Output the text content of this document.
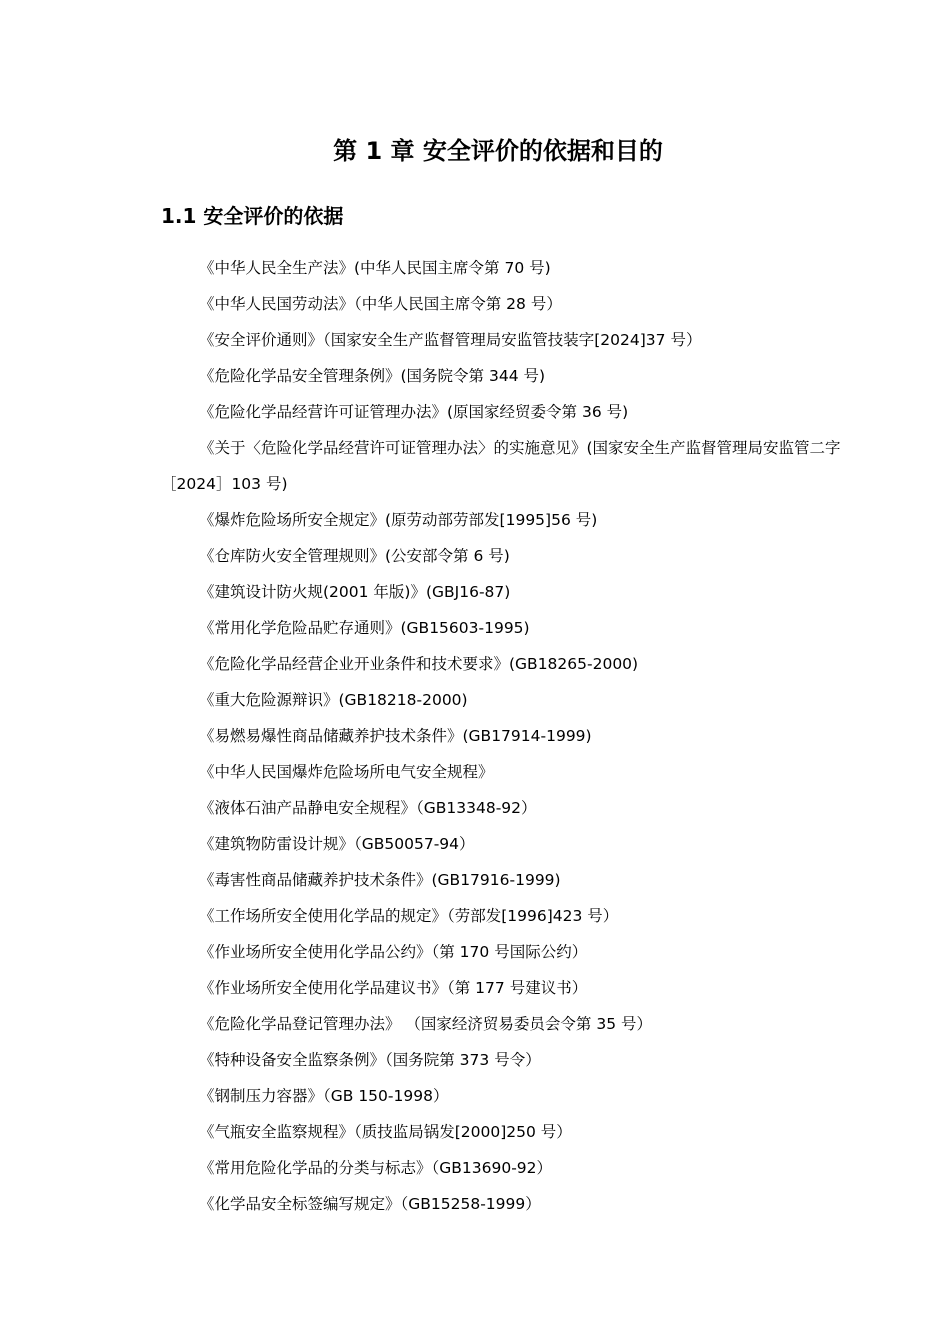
第 1 章 安全评价的依据和目的
1.1 安全评价的依据
《中华人民全生产法》(中华人民国主席令第 70 号)
《中华人民国劳动法》（中华人民国主席令第 28 号）
《安全评价通则》（国家安全生产监督管理局安监管技装字[2024]37 号）
《危险化学品安全管理条例》(国务院令第 344 号)
《危险化学品经营许可证管理办法》(原国家经贸委令第 36 号)
《关于〈危险化学品经营许可证管理办法〉的实施意见》(国家安全生产监督管理局安监管二字［2024］103 号)
《爆炸危险场所安全规定》(原劳动部劳部发[1995]56 号)
《仓库防火安全管理规则》(公安部令第 6 号)
《建筑设计防火规(2001 年版)》(GBJ16-87)
《常用化学危险品贮存通则》(GB15603-1995)
《危险化学品经营企业开业条件和技术要求》(GB18265-2000)
《重大危险源辩识》(GB18218-2000)
《易燃易爆性商品储藏养护技术条件》(GB17914-1999)
《中华人民国爆炸危险场所电气安全规程》
《液体石油产品静电安全规程》（GB13348-92）
《建筑物防雷设计规》（GB50057-94）
《毒害性商品储藏养护技术条件》(GB17916-1999)
《工作场所安全使用化学品的规定》（劳部发[1996]423 号）
《作业场所安全使用化学品公约》（第 170 号国际公约）
《作业场所安全使用化学品建议书》（第 177 号建议书）
《危险化学品登记管理办法》 （国家经济贸易委员会令第 35 号）
《特种设备安全监察条例》（国务院第 373 号令）
《钢制压力容器》（GB 150-1998）
《气瓶安全监察规程》（质技监局锅发[2000]250 号）
《常用危险化学品的分类与标志》（GB13690-92）
《化学品安全标签编写规定》（GB15258-1999）
